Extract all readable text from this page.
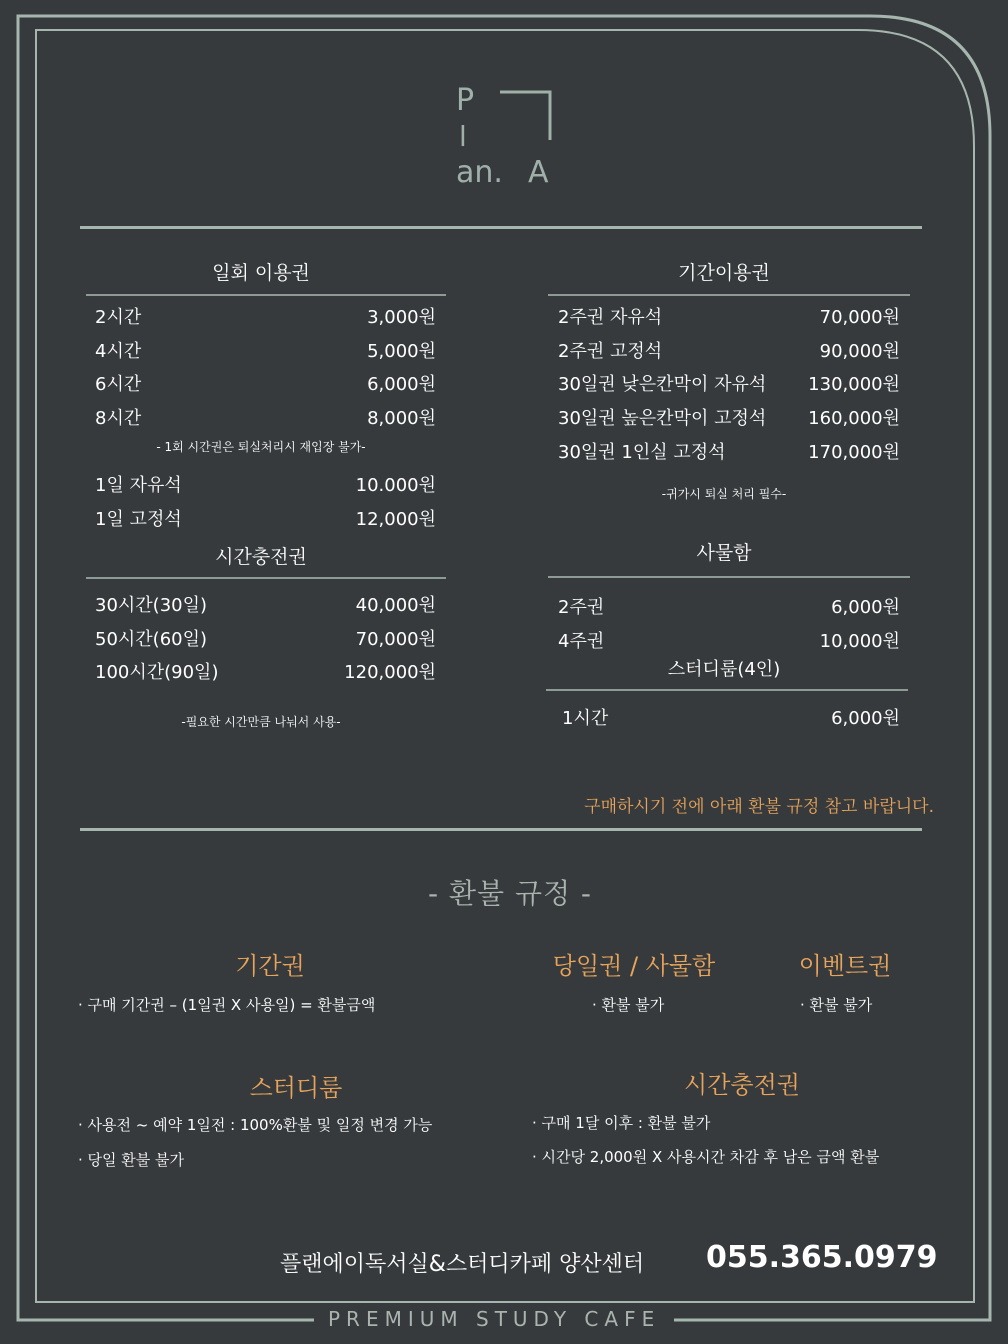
P
l
an. A
일회 이용권
2시간	3,000원
4시간	5,000원
6시간	6,000원
8시간	8,000원
- 1회 시간권은 퇴실처리시 재입장 불가-
1일 자유석	10.000원
1일 고정석	12,000원
시간충전권
30시간(30일)	40,000원
50시간(60일)	70,000원
100시간(90일)	120,000원
-필요한 시간만큼 나눠서 사용-
기간이용권
2주권 자유석	70,000원
2주권 고정석	90,000원
30일권 낮은칸막이 자유석	130,000원
30일권 높은칸막이 고정석	160,000원
30일권 1인실 고정석	170,000원
-귀가시 퇴실 처리 필수-
사물함
2주권	6,000원
4주권	10,000원
스터디룸(4인)
1시간	6,000원
구매하시기 전에 아래 환불 규정 참고 바랍니다.
- 환불 규정 -
기간권
· 구매 기간권 – (1일권 X 사용일) = 환불금액
당일권 / 사물함
· 환불 불가
이벤트권
· 환불 불가
스터디룸
· 사용전 ~ 예약 1일전 : 100%환불 및 일정 변경 가능
· 당일 환불 불가
시간충전권
· 구매 1달 이후 : 환불 불가
· 시간당 2,000원 X 사용시간 차감 후 남은 금액 환불
플랜에이독서실&스터디카페 양산센터 055.365.0979
PREMIUM STUDY CAFE
